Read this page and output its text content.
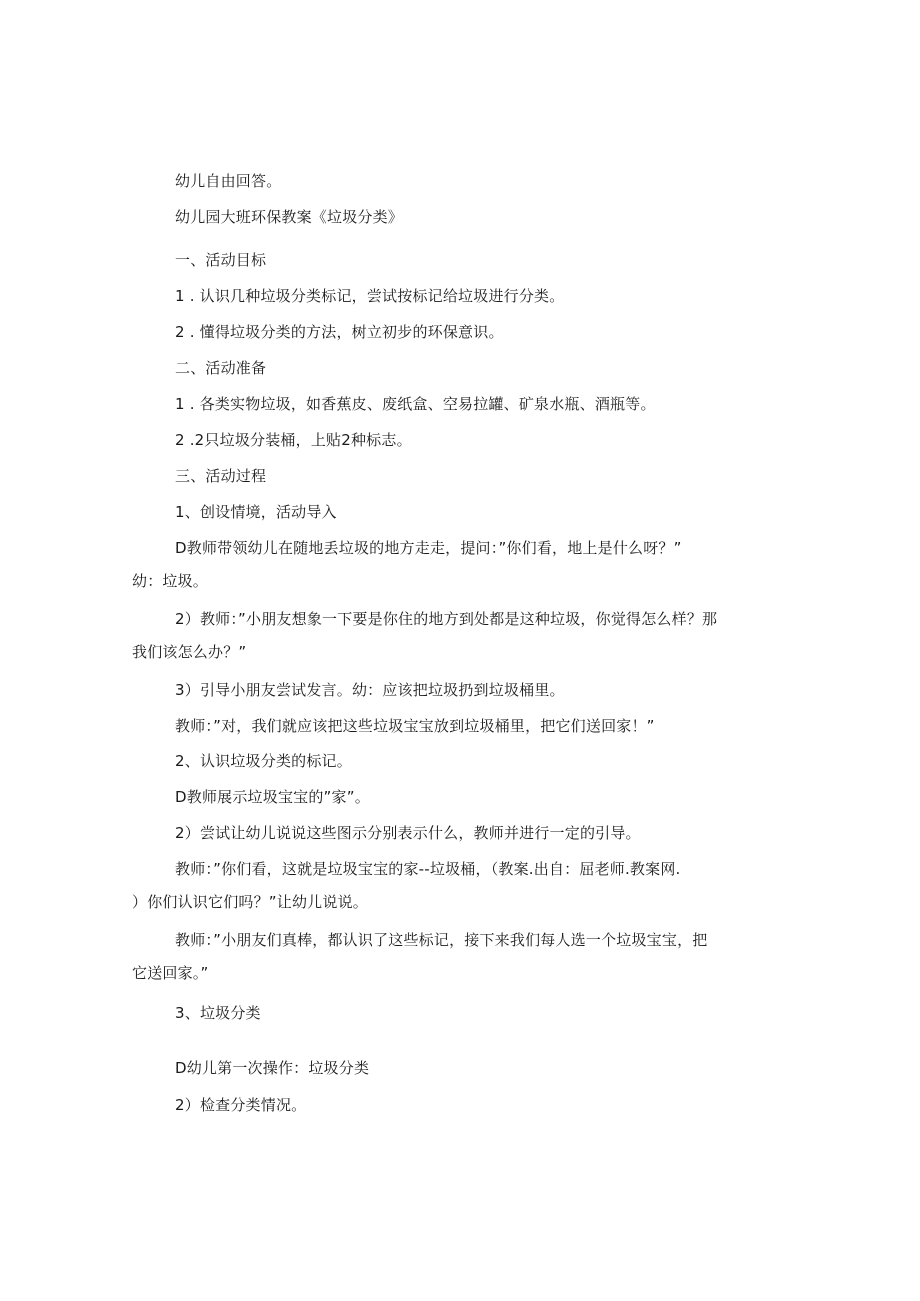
幼儿自由回答。
幼儿园大班环保教案《垃圾分类》
一、活动目标
1 . 认识几种垃圾分类标记，尝试按标记给垃圾进行分类。
2 . 懂得垃圾分类的方法，树立初步的环保意识。
二、活动准备
1 . 各类实物垃圾，如香蕉皮、废纸盒、空易拉罐、矿泉水瓶、酒瓶等。
2 .2只垃圾分装桶，上贴2种标志。
三、活动过程
1、创设情境，活动导入
D教师带领幼儿在随地丢垃圾的地方走走，提问：”你们看，地上是什么呀？”
幼：垃圾。
2）教师：”小朋友想象一下要是你住的地方到处都是这种垃圾，你觉得怎么样？那
我们该怎么办？”
3）引导小朋友尝试发言。幼：应该把垃圾扔到垃圾桶里。
教师：”对，我们就应该把这些垃圾宝宝放到垃圾桶里，把它们送回家！”
2、认识垃圾分类的标记。
D教师展示垃圾宝宝的”家”。
2）尝试让幼儿说说这些图示分别表示什么，教师并进行一定的引导。
教师：”你们看，这就是垃圾宝宝的家--垃圾桶，（教案.出自：屈老师.教案网.
）你们认识它们吗？”让幼儿说说。
教师：”小朋友们真棒，都认识了这些标记，接下来我们每人选一个垃圾宝宝，把
它送回家。”
3、垃圾分类
D幼儿第一次操作：垃圾分类
2）检查分类情况。
